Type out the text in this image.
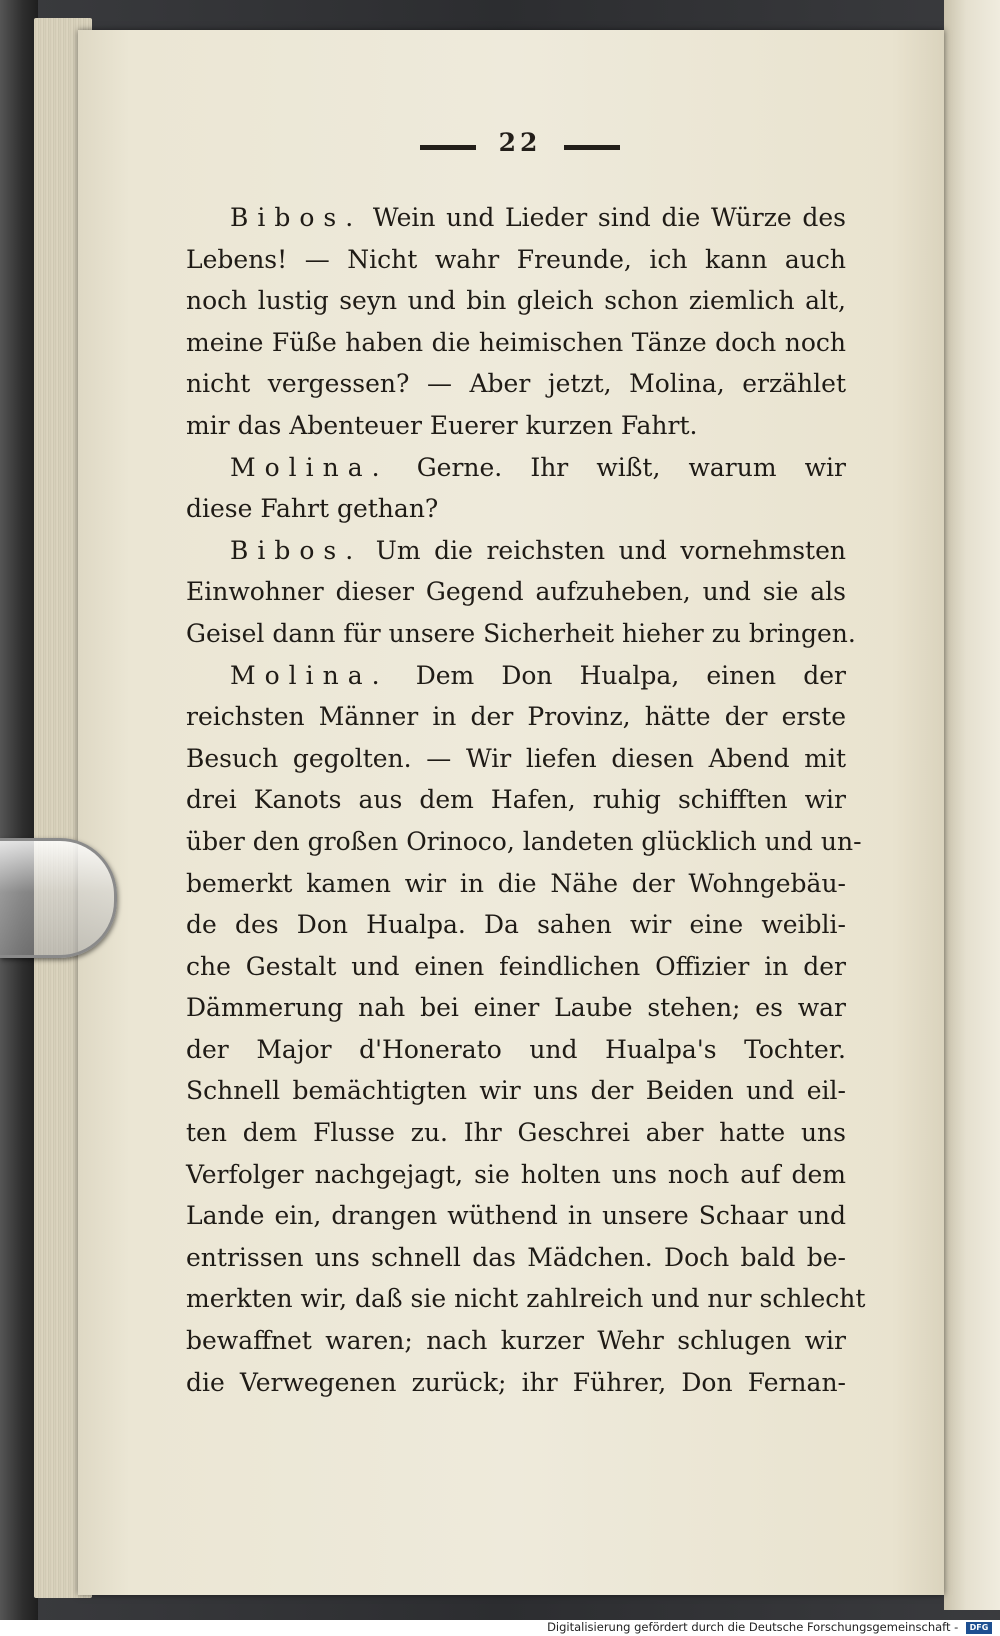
22
Bibos. Wein und Lieder sind die Würze des
Lebens! — Nicht wahr Freunde, ich kann auch
noch lustig seyn und bin gleich schon ziemlich alt,
meine Füße haben die heimischen Tänze doch noch
nicht vergessen? — Aber jetzt, Molina, erzählet
mir das Abenteuer Euerer kurzen Fahrt.
Molina. Gerne. Ihr wißt, warum wir
diese Fahrt gethan?
Bibos. Um die reichsten und vornehmsten
Einwohner dieser Gegend aufzuheben, und sie als
Geisel dann für unsere Sicherheit hieher zu bringen.
Molina. Dem Don Hualpa, einen der
reichsten Männer in der Provinz, hätte der erste
Besuch gegolten. — Wir liefen diesen Abend mit
drei Kanots aus dem Hafen, ruhig schifften wir
über den großen Orinoco, landeten glücklich und un-
bemerkt kamen wir in die Nähe der Wohngebäu-
de des Don Hualpa. Da sahen wir eine weibli-
che Gestalt und einen feindlichen Offizier in der
Dämmerung nah bei einer Laube stehen; es war
der Major d'Honerato und Hualpa's Tochter.
Schnell bemächtigten wir uns der Beiden und eil-
ten dem Flusse zu. Ihr Geschrei aber hatte uns
Verfolger nachgejagt, sie holten uns noch auf dem
Lande ein, drangen wüthend in unsere Schaar und
entrissen uns schnell das Mädchen. Doch bald be-
merkten wir, daß sie nicht zahlreich und nur schlecht
bewaffnet waren; nach kurzer Wehr schlugen wir
die Verwegenen zurück; ihr Führer, Don Fernan-
Digitalisierung gefördert durch die Deutsche Forschungsgemeinschaft - DFG
